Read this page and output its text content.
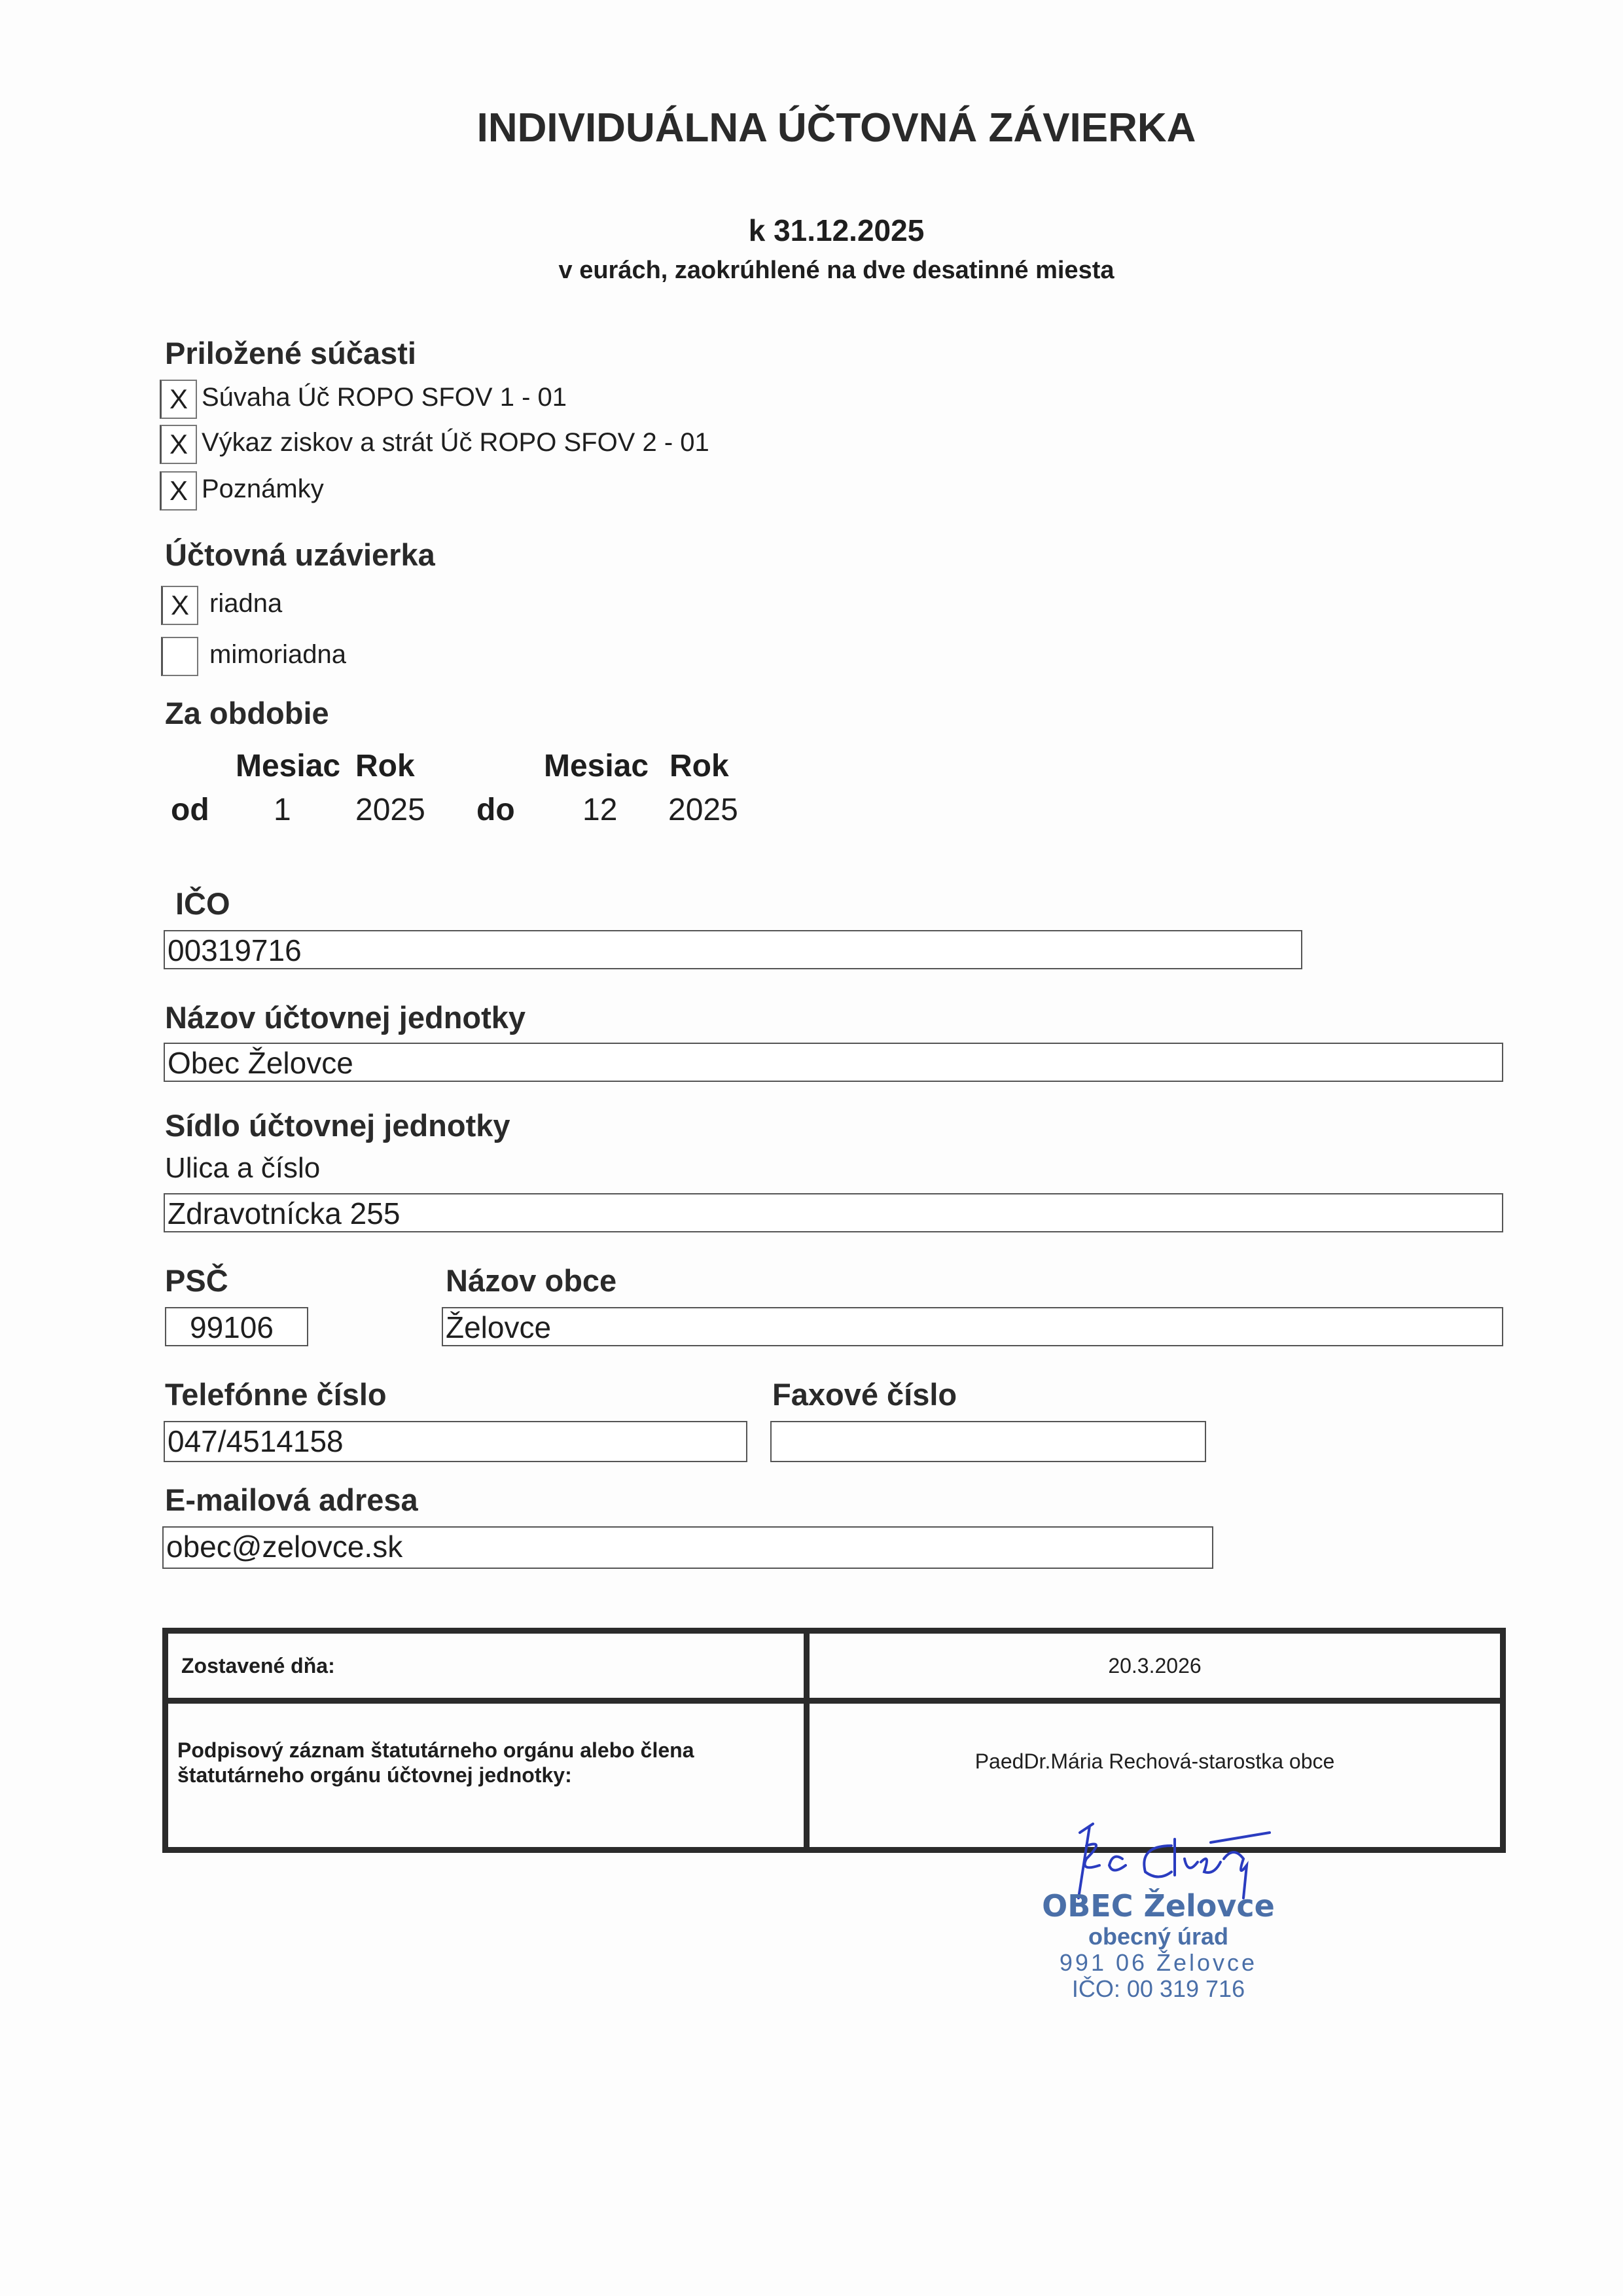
INDIVIDUÁLNA ÚČTOVNÁ ZÁVIERKA
k 31.12.2025
v eurách, zaokrúhlené na dve desatinné miesta
Priložené súčasti
X Súvaha Úč ROPO SFOV 1 - 01
X Výkaz ziskov a strát Úč ROPO SFOV 2 - 01
X Poznámky
Účtovná uzávierka
X riadna
mimoriadna
Za obdobie
Mesiac Rok	Mesiac Rok
od 1 2025 do 12 2025
IČO
00319716
Názov účtovnej jednotky
Obec Želovce
Sídlo účtovnej jednotky
Ulica a číslo
Zdravotnícka 255
PSČ
99106
Názov obce
Želovce
Telefónne číslo
047/4514158
Faxové číslo
E-mailová adresa
obec@zelovce.sk
Zostavené dňa:	20.3.2026
Podpisový záznam štatutárneho orgánu alebo člena štatutárneho orgánu účtovnej jednotky:	PaedDr.Mária Rechová-starostka obce
OBEC Želovce
obecný úrad
991 06 Želovce
IČO: 00 319 716
